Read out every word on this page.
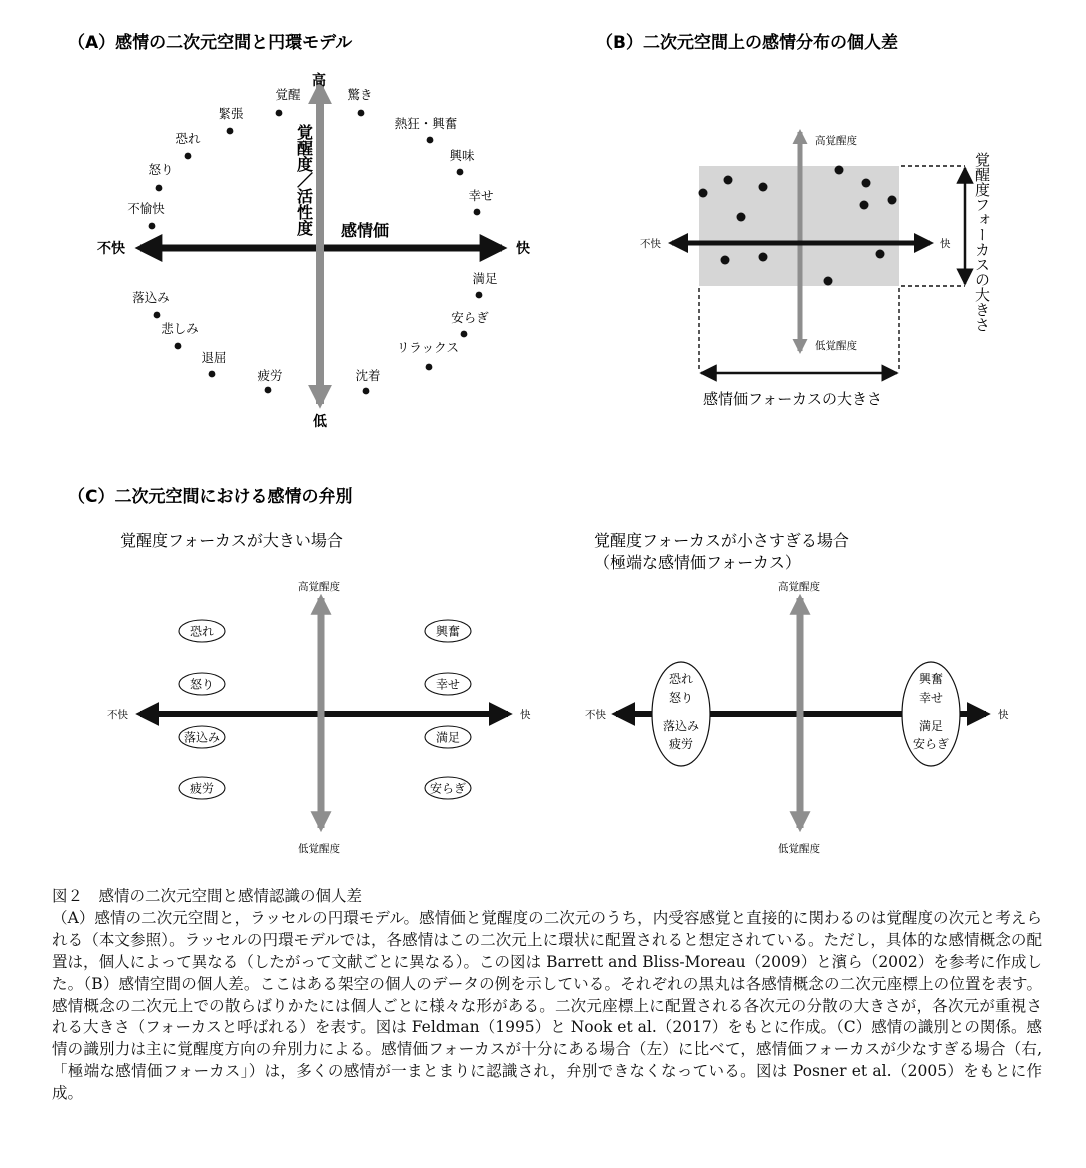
（A）感情の二次元空間と円環モデル
高
低
不快	快
覚醒度／活性度 感情価
覚醒	驚き
熱狂・興奮
興味
幸せ
満足
安らぎ
リラックス
沈着
疲労
退屈
悲しみ
落込み
不愉快
怒り
恐れ
緊張
（B）二次元空間上の感情分布の個人差
高覚醒度
低覚醒度
不快	快
感情価フォーカスの大きさ
覚醒度フォーカスの大きさ
（C）二次元空間における感情の弁別
覚醒度フォーカスが大きい場合
高覚醒度
低覚醒度
不快	快
恐れ
怒り
落込み
疲労
興奮
幸せ
満足
安らぎ
覚醒度フォーカスが小さすぎる場合
（極端な感情価フォーカス）
高覚醒度
低覚醒度
不快	快
恐れ
怒り
落込み
疲労
興奮
幸せ
満足
安らぎ

図２　感情の二次元空間と感情認識の個人差

（A）感情の二次元空間と，ラッセルの円環モデル。感情価と覚醒度の二次元のうち，内受容感覚と直接的に関わるのは覚醒度の次元と考えられる（本文参照）。ラッセルの円環モデルでは，各感情はこの二次元上に環状に配置されると想定されている。ただし，具体的な感情概念の配置は，個人によって異なる（したがって文献ごとに異なる）。この図は Barrett and Bliss-Moreau（2009）と濱ら（2002）を参考に作成した。（B）感情空間の個人差。ここはある架空の個人のデータの例を示している。それぞれの黒丸は各感情概念の二次元座標上の位置を表す。感情概念の二次元上での散らばりかたには個人ごとに様々な形がある。二次元座標上に配置される各次元の分散の大きさが，各次元が重視される大きさ（フォーカスと呼ばれる）を表す。図は Feldman（1995）と Nook et al.（2017）をもとに作成。（C）感情の識別との関係。感情の識別力は主に覚醒度方向の弁別力による。感情価フォーカスが十分にある場合（左）に比べて，感情価フォーカスが少なすぎる場合（右,「極端な感情価フォーカス」）は，多くの感情が一まとまりに認識され，弁別できなくなっている。図は Posner et al.（2005）をもとに作成。
